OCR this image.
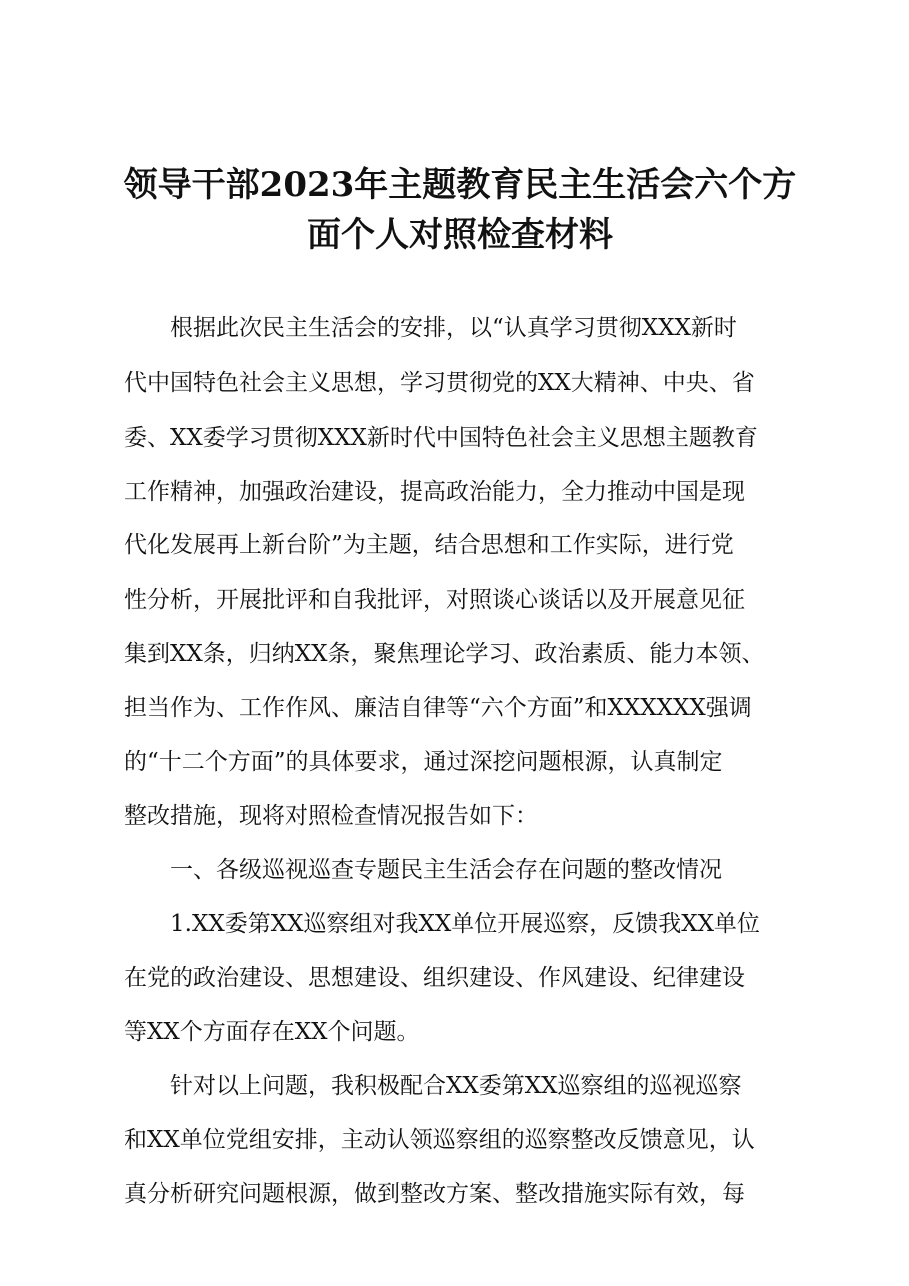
领导干部2023年主题教育民主生活会六个方
面个人对照检查材料

根据此次民主生活会的安排，以“认真学习贯彻XXX新时

代中国特色社会主义思想，学习贯彻党的XX大精神、中央、省

委、XX委学习贯彻XXX新时代中国特色社会主义思想主题教育

工作精神，加强政治建设，提高政治能力，全力推动中国是现

代化发展再上新台阶”为主题，结合思想和工作实际，进行党

性分析，开展批评和自我批评，对照谈心谈话以及开展意见征

集到XX条，归纳XX条，聚焦理论学习、政治素质、能力本领、

担当作为、工作作风、廉洁自律等“六个方面”和XXXXXX强调

的“十二个方面”的具体要求，通过深挖问题根源，认真制定

整改措施，现将对照检查情况报告如下：

一、各级巡视巡查专题民主生活会存在问题的整改情况

1.XX委第XX巡察组对我XX单位开展巡察，反馈我XX单位

在党的政治建设、思想建设、组织建设、作风建设、纪律建设

等XX个方面存在XX个问题。

针对以上问题，我积极配合XX委第XX巡察组的巡视巡察

和XX单位党组安排，主动认领巡察组的巡察整改反馈意见，认

真分析研究问题根源，做到整改方案、整改措施实际有效，每
